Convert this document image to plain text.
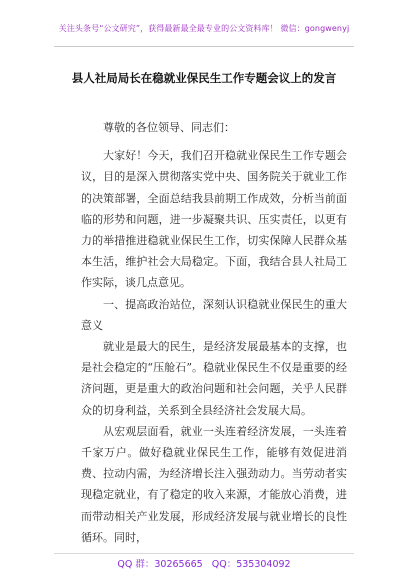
关注头条号“公文研究”，获得最新最全最专业的公文资料库！ 微信：gongwenyj
县人社局局长在稳就业保民生工作专题会议上的发言

尊敬的各位领导、同志们：

大家好！今天，我们召开稳就业保民生工作专题会议，目的是深入贯彻落实党中央、国务院关于就业工作的决策部署，全面总结我县前期工作成效，分析当前面临的形势和问题，进一步凝聚共识、压实责任，以更有力的举措推进稳就业保民生工作，切实保障人民群众基本生活，维护社会大局稳定。下面，我结合县人社局工作实际，谈几点意见。

一、提高政治站位，深刻认识稳就业保民生的重大意义

就业是最大的民生，是经济发展最基本的支撑，也是社会稳定的“压舱石”。稳就业保民生不仅是重要的经济问题，更是重大的政治问题和社会问题，关乎人民群众的切身利益，关系到全县经济社会发展大局。

从宏观层面看，就业一头连着经济发展，一头连着千家万户。做好稳就业保民生工作，能够有效促进消费、拉动内需，为经济增长注入强劲动力。当劳动者实现稳定就业，有了稳定的收入来源，才能放心消费，进而带动相关产业发展，形成经济发展与就业增长的良性循环。同时，

QQ 群：30265665 QQ：535304092
